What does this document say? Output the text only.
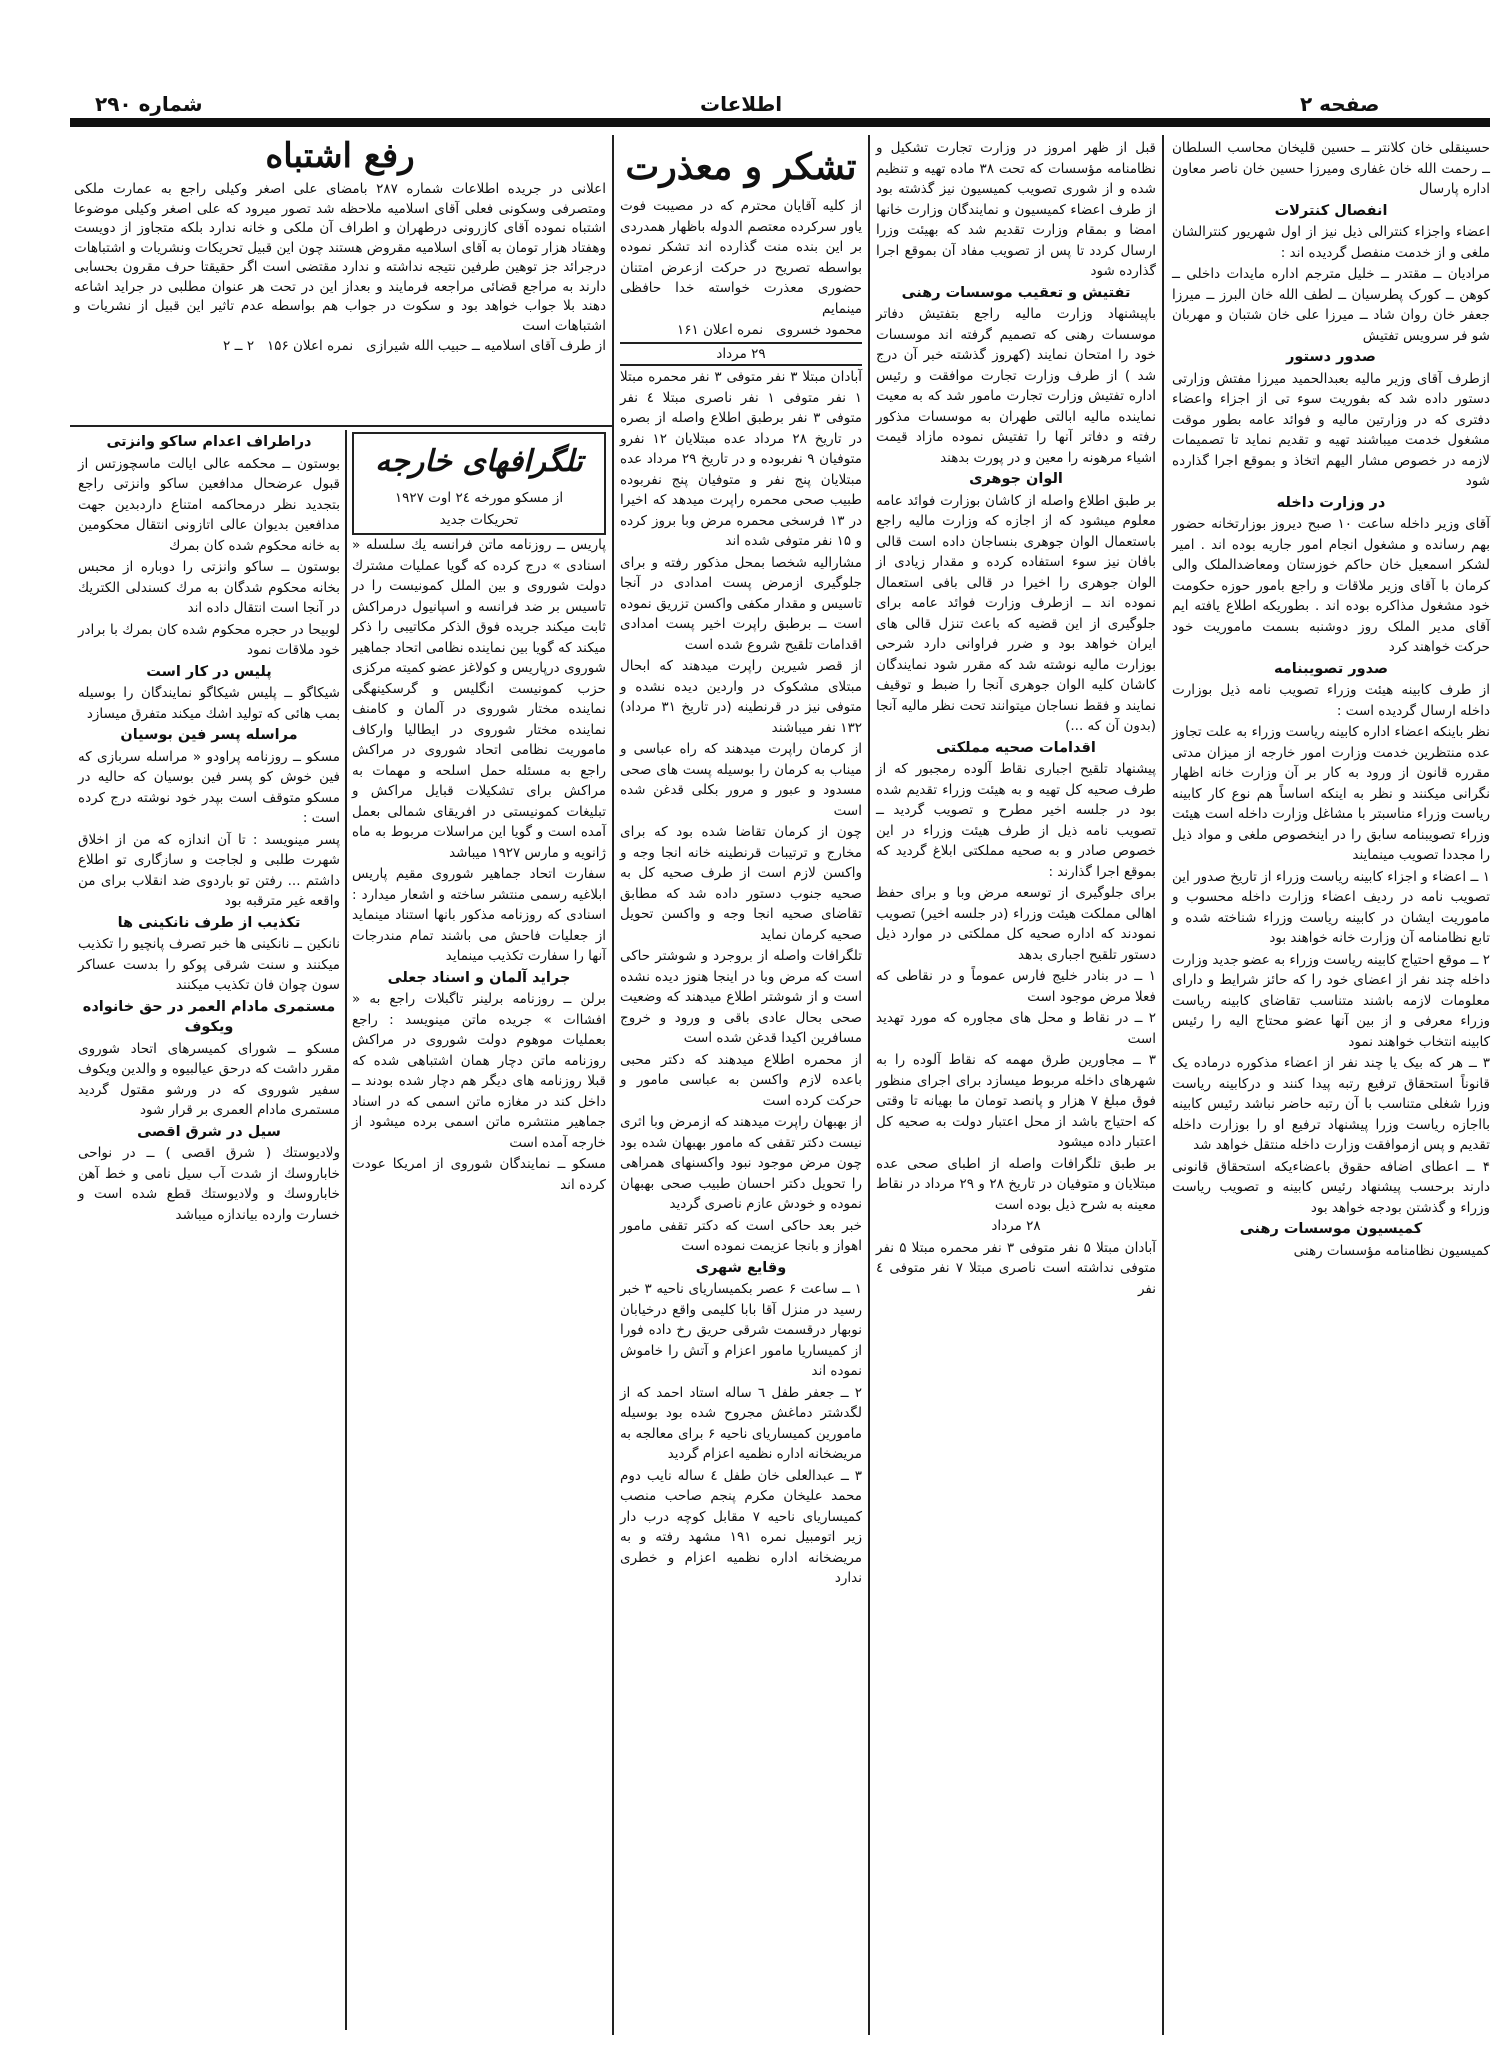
صفحه ۲
اطلاعات
شماره ۲۹۰

حسینقلی خان کلانتر ــ حسین قلیخان محاسب السلطان ــ رحمت الله خان غفاری ومیرزا حسین خان ناصر معاون اداره پارسال

انفصال کنترلات

اعضاء واجزاء کنترالی ذیل نیز از اول شهریور کنترالشان ملغی و از خدمت منفصل گردیده اند :

مرادیان ــ مقتدر ــ خلیل مترجم اداره مایدات داخلی ــ کوهن ــ کورک پطرسیان ــ لطف الله خان البرز ــ میرزا جعفر خان روان شاد ــ میرزا علی خان شتبان و مهربان شو فر سرویس تفتیش

صدور دستور

ازطرف آقای وزیر مالیه بعبدالحمید میرزا مفتش وزارتی دستور داده شد که بفوریت سوء تی از اجزاء واعضاء دفتری که در وزارتین مالیه و فوائد عامه بطور موقت مشغول خدمت میباشند تهیه و تقدیم نماید تا تصمیمات لازمه در خصوص مشار الیهم اتخاذ و بموقع اجرا گذارده شود

در وزارت داخله

آقای وزیر داخله ساعت ۱۰ صبح دیروز بوزارتخانه حضور بهم رسانده و مشغول انجام امور جاریه بوده اند . امیر لشکر اسمعیل خان حاکم خوزستان ومعاضدالملک والی کرمان با آقای وزیر ملاقات و راجع بامور حوزه حکومت خود مشغول مذاکره بوده اند . بطوریکه اطلاع یافته ایم آقای مدیر الملک روز دوشنبه بسمت ماموریت خود حرکت خواهند کرد

صدور تصویبنامه

از طرف کابینه هیئت وزراء تصویب نامه ذیل بوزارت داخله ارسال گردیده است :

نظر باینکه اعضاء اداره کابینه ریاست وزراء به علت تجاوز عده منتظرین خدمت وزارت امور خارجه از میزان مدتی مقرره قانون از ورود به کار بر آن وزارت خانه اظهار نگرانی میکنند و نظر به اینکه اساساً هم نوع کار کابینه ریاست وزراء مناسبتر با مشاغل وزارت داخله است هیئت وزراء تصویبنامه سابق را در اینخصوص ملغی و مواد ذیل را مجددا تصویب مینمایند

۱ ــ اعضاء و اجزاء کابینه ریاست وزراء از تاریخ صدور این تصویب نامه در ردیف اعضاء وزارت داخله محسوب و ماموریت ایشان در کابینه ریاست وزراء شناخته شده و تابع نظامنامه آن وزارت خانه خواهند بود

۲ ــ موقع احتیاج کابینه ریاست وزراء به عضو جدید وزارت داخله چند نفر از اعضای خود را که حائز شرایط و دارای معلومات لازمه باشند متناسب تقاضای کابینه ریاست وزراء معرفی و از بین آنها عضو محتاج الیه را رئیس کابینه انتخاب خواهند نمود

۳ ــ هر که بیک یا چند نفر از اعضاء مذکوره درماده یک قانوناً استحقاق ترفیع رتبه پیدا کنند و درکابینه ریاست وزرا شغلی متناسب با آن رتبه حاضر نباشد رئیس کابینه بااجازه ریاست وزرا پیشنهاد ترفیع او را بوزارت داخله تقدیم و پس ازموافقت وزارت داخله منتقل خواهد شد

۴ ــ اعطای اضافه حقوق باعضاءیکه استحقاق قانونی دارند برحسب پیشنهاد رئیس کابینه و تصویب ریاست وزراء و گذشتن بودجه خواهد بود

کمیسیون موسسات رهنی

کمیسیون نظامنامه مؤسسات رهنی

قبل از ظهر امروز در وزارت تجارت تشکیل و نظامنامه مؤسسات که تحت ۳۸ ماده تهیه و تنظیم شده و از شوری تصویب کمیسیون نیز گذشته بود از طرف اعضاء کمیسیون و نمایندگان وزارت خانها امضا و بمقام وزارت تقدیم شد که بهیئت وزرا ارسال کردد تا پس از تصویب مفاد آن بموقع اجرا گذارده شود

تفتیش و تعقیب موسسات رهنی

باپیشنهاد وزارت مالیه راجع بتفتیش دفاتر موسسات رهنی که تصمیم گرفته اند موسسات خود را امتحان نمایند (کهروز گذشته خبر آن درج شد ) از طرف وزارت تجارت موافقت و رئیس اداره تفتیش وزارت تجارت مامور شد که به معیت نماینده مالیه ابالتی طهران به موسسات مذکور رفته و دفاتر آنها را تفتیش نموده مازاد قیمت اشیاء مرهونه را معین و در پورت بدهند

الوان جوهری

بر طبق اطلاع واصله از کاشان بوزارت فوائد عامه معلوم میشود که از اجازه که وزارت مالیه راجع باستعمال الوان جوهری بنساجان داده است قالی بافان نیز سوء استفاده کرده و مقدار زیادی از الوان جوهری را اخیرا در قالی بافی استعمال نموده اند ــ ازطرف وزارت فوائد عامه برای جلوگیری از این قضیه که باعث تنزل قالی های ایران خواهد بود و ضرر فراوانی دارد شرحی بوزارت مالیه نوشته شد که مقرر شود نمایندگان کاشان کلیه الوان جوهری آنجا را ضبط و توقیف نمایند و فقط نساجان میتوانند تحت نظر مالیه آنجا (بدون آن که ...)

اقدامات صحیه مملکتی

پیشنهاد تلقیح اجباری نقاط آلوده رمجبور که از طرف صحیه کل تهیه و به هیئت وزراء تقدیم شده بود در جلسه اخیر مطرح و تصویب گردید ــ تصویب نامه ذیل از طرف هیئت وزراء در این خصوص صادر و به صحیه مملکتی ابلاغ گردید که بموقع اجرا گذارند :

برای جلوگیری از توسعه مرض وبا و برای حفظ اهالی مملکت هیئت وزراء (در جلسه اخیر) تصویب نمودند که اداره صحیه کل مملکتی در موارد ذیل دستور تلقیح اجباری بدهد

۱ ــ در بنادر خلیج فارس عموماً و در نقاطی که فعلا مرض موجود است

۲ ــ در نقاط و محل های مجاوره که مورد تهدید است

۳ ــ مجاورین طرق مهمه که نقاط آلوده را به شهرهای داخله مربوط میسازد برای اجرای منظور فوق مبلغ ۷ هزار و پانصد تومان ما بهیانه تا وقتی که احتیاج باشد از محل اعتبار دولت به صحیه کل اعتبار داده میشود

بر طبق تلگرافات واصله از اطبای صحی عده مبتلایان و متوفیان در تاریخ ۲۸ و ۲۹ مرداد در نقاط معینه به شرح ذیل بوده است

۲۸ مرداد

آبادان مبتلا ۵ نفر متوفی ۳ نفر محمره مبتلا ۵ نفر متوفی نداشته است ناصری مبتلا ۷ نفر متوفی ٤ نفر

تشکر و معذرت

از کلیه آقایان محترم که در مصیبت فوت یاور سرکرده معتصم الدوله باظهار همدردی بر این بنده منت گذارده اند تشکر نموده بواسطه تصریح در حرکت ازعرض امتنان حضوری معذرت خواسته خدا حافظی مینمایم

محمود خسروی   نمره اعلان ۱۶۱

۲۹ مرداد

آبادان مبتلا ۳ نفر متوفی ۳ نفر محمره مبتلا ۱ نفر متوفی ۱ نفر ناصری مبتلا ٤ نفر متوفی ۳ نفر برطبق اطلاع واصله از بصره در تاریخ ۲۸ مرداد عده مبتلایان ۱۲ نفرو متوفیان ۹ نفربوده و در تاریخ ۲۹ مرداد عده مبتلایان پنج نفر و متوفیان پنج نفربوده طبیب صحی محمره راپرت میدهد که اخیرا در ۱۳ فرسخی محمره مرض وبا بروز کرده و ۱۵ نفر متوفی شده اند

مشارالیه شخصا بمحل مذکور رفته و برای جلوگیری ازمرض پست امدادی در آنجا تاسیس و مقدار مکفی واکسن تزریق نموده است ــ برطبق راپرت اخیر پست امدادی اقدامات تلقیح شروع شده است

از قصر شیرین راپرت میدهند که ابحال مبتلای مشکوک در واردین دیده نشده و متوفی نیز در قرنطینه (در تاریخ ۳۱ مرداد) ۱۳۲ نفر میباشند

از کرمان راپرت میدهند که راه عباسی و میناب به کرمان را بوسیله پست های صحی مسدود و عبور و مرور بکلی قدغن شده است

چون از کرمان تقاضا شده بود که برای مخارج و ترتیبات قرنطینه خانه انجا وجه و واکسن لازم است از طرف صحیه کل به صحیه جنوب دستور داده شد که مطابق تقاضای صحیه انجا وجه و واکسن تحویل صحیه کرمان نماید

تلگرافات واصله از بروجرد و شوشتر حاکی است که مرض وبا در اینجا هنوز دیده نشده است و از شوشتر اطلاع میدهند که وضعیت صحی بحال عادی باقی و ورود و خروج مسافرین اکیدا قدغن شده است

از محمره اطلاع میدهند که دکتر محبی باعده لازم واکسن به عباسی مامور و حرکت کرده است

از بهبهان راپرت میدهند که ازمرض وبا اثری نیست دکتر تقفی که مامور بهبهان شده بود چون مرض موجود نبود واکسنهای همراهی را تحویل دکتر احسان طبیب صحی بهبهان نموده و خودش عازم ناصری گردید

خبر بعد حاکی است که دکتر تقفی مامور اهواز و بانجا عزیمت نموده است

وقایع شهری

۱ ــ ساعت ۶ عصر بکمیساریای ناحیه ۳ خبر رسید در منزل آقا بابا کلیمی واقع درخیابان نوبهار درقسمت شرقی حریق رخ داده فورا از کمیساریا مامور اعزام و آتش را خاموش نموده اند

۲ ــ جعفر طفل ٦ ساله استاد احمد که از لگدشتر دماغش مجروح شده بود بوسیله مامورین کمیساریای ناحیه ۶ برای معالجه به مریضخانه اداره نظمیه اعزام گردید

۳ ــ عبدالعلی خان طفل ٤ ساله نایب دوم محمد علیخان مکرم پنجم صاحب منصب کمیساریای ناحیه ۷ مقابل کوچه درب دار زیر اتومبیل نمره ۱۹۱ مشهد رفته و به مریضخانه اداره نظمیه اعزام و خطری ندارد

رفع اشتباه

اعلانی در جریده اطلاعات شماره ۲۸۷ بامضای علی اصغر وکیلی راجع به عمارت ملکی ومتصرفی وسکونی فعلی آقای اسلامیه ملاحظه شد تصور میرود که علی اصغر وکیلی موضوعا اشتباه نموده آقای کازرونی درطهران و اطراف آن ملکی و خانه ندارد بلکه متجاوز از دویست وهفتاد هزار تومان به آقای اسلامیه مقروض هستند چون این قبیل تحریکات ونشریات و اشتباهات درجرائد جز توهین طرفین نتیجه نداشته و ندارد مقتضی است اگر حقیقتا حرف مقرون بحسابی دارند به مراجع قضائی مراجعه فرمایند و بعداز این در تحت هر عنوان مطلبی در جراید اشاعه دهند بلا جواب خواهد بود و سکوت در جواب هم بواسطه عدم تاثیر این قبیل از نشریات و اشتباهات است

از طرف آقای اسلامیه ــ حبیب الله شیرازی   نمره اعلان ۱۵۶   ۲ ــ ۲

تلگرافهای خارجه

از مسکو مورخه ۲٤ اوت ۱۹۲۷

تحریکات جدید

پاریس ــ روزنامه ماتن فرانسه یك سلسله « اسنادی » درج کرده که گویا عملیات مشترك دولت شوروی و بین الملل کمونیست را در تاسیس بر ضد فرانسه و اسپانیول درمراکش ثابت میکند جریده فوق الذکر مکاتیبی را ذکر میکند که گویا بین نماینده نظامی اتحاد جماهیر شوروی درپاریس و کولاغز عضو کمیته مرکزی حزب کمونیست انگلیس و گرسکینهگی نماینده مختار شوروی در آلمان و کامنف نماینده مختار شوروی در ایطالیا وارکاف ماموریت نظامی اتحاد شوروی در مراکش راجع به مسئله حمل اسلحه و مهمات به مراکش برای تشکیلات قبایل مراکش و تبلیغات کمونیستی در افریقای شمالی بعمل آمده است و گویا این مراسلات مربوط به ماه ژانویه و مارس ۱۹۲۷ میباشد

سفارت اتحاد جماهیر شوروی مقیم پاریس ابلاغیه رسمی منتشر ساخته و اشعار میدارد : اسنادی که روزنامه مذکور بانها استناد مینماید از جعلیات فاحش می باشند تمام مندرجات آنها را سفارت تکذیب مینماید

جراید آلمان و اسناد جعلی

برلن ــ روزنامه برلینر تاگبلات راجع به « افشاات » جریده ماتن مینویسد : راجع بعملیات موهوم دولت شوروی در مراکش روزنامه ماتن دچار همان اشتباهی شده که قبلا روزنامه های دیگر هم دچار شده بودند ــ داخل کند در مغازه ماتن اسمی که در اسناد جماهیر منتشره ماتن اسمی برده میشود از خارجه آمده است

مسکو ــ نمایندگان شوروی از امریکا عودت کرده اند

دراطراف اعدام ساکو وانزتی

بوستون ــ محکمه عالی ایالت ماسچوزتس از قبول عرضحال مدافعین ساکو وانزتی راجع بتجدید نظر درمحاکمه امتناع داردبدین جهت مدافعین بدیوان عالی اتازونی انتقال محکومین به خانه محکوم شده کان بمرك

بوستون ــ ساکو وانزتی را دوباره از محبس بخانه محکوم شدگان به مرك کسندلی الکتریك در آنجا است انتقال داده اند

لوبیحا در حجره محکوم شده کان بمرك با برادر خود ملاقات نمود

پلیس در کار است

شیکاگو ــ پلیس شیکاگو نمایندگان را بوسیله بمب هائی که تولید اشك میکند متفرق میسازد

مراسله پسر فین بوسیان

مسکو ــ روزنامه پراودو « مراسله سربازی که فین خوش کو پسر فین بوسیان که حالیه در مسکو متوقف است بپدر خود نوشته درج کرده است :

پسر مینویسد : تا آن اندازه که من از اخلاق شهرت طلبی و لجاجت و سازگاری تو اطلاع داشتم ... رفتن تو باردوی ضد انقلاب برای من واقعه غیر مترقبه بود

تکذیب از طرف نانکینی ها

نانکین ــ نانکینی ها خبر تصرف پانچیو را تکذیب میکنند و سنت شرقی پوکو را بدست عساکر سون چوان فان تکذیب میکنند

مستمری مادام العمر در حق خانواده ویکوف

مسکو ــ شورای کمیسرهای اتحاد شوروی مقرر داشت که درحق عیالبیوه و والدین ویکوف سفیر شوروی که در ورشو مقتول گردید مستمری مادام العمری بر قرار شود

سیل در شرق اقصی

ولادیوستك ( شرق اقصی ) ــ در نواحی خاباروسك از شدت آب سیل نامی و خط آهن خاباروسك و ولادیوستك قطع شده است و خسارت وارده بیاندازه میباشد
